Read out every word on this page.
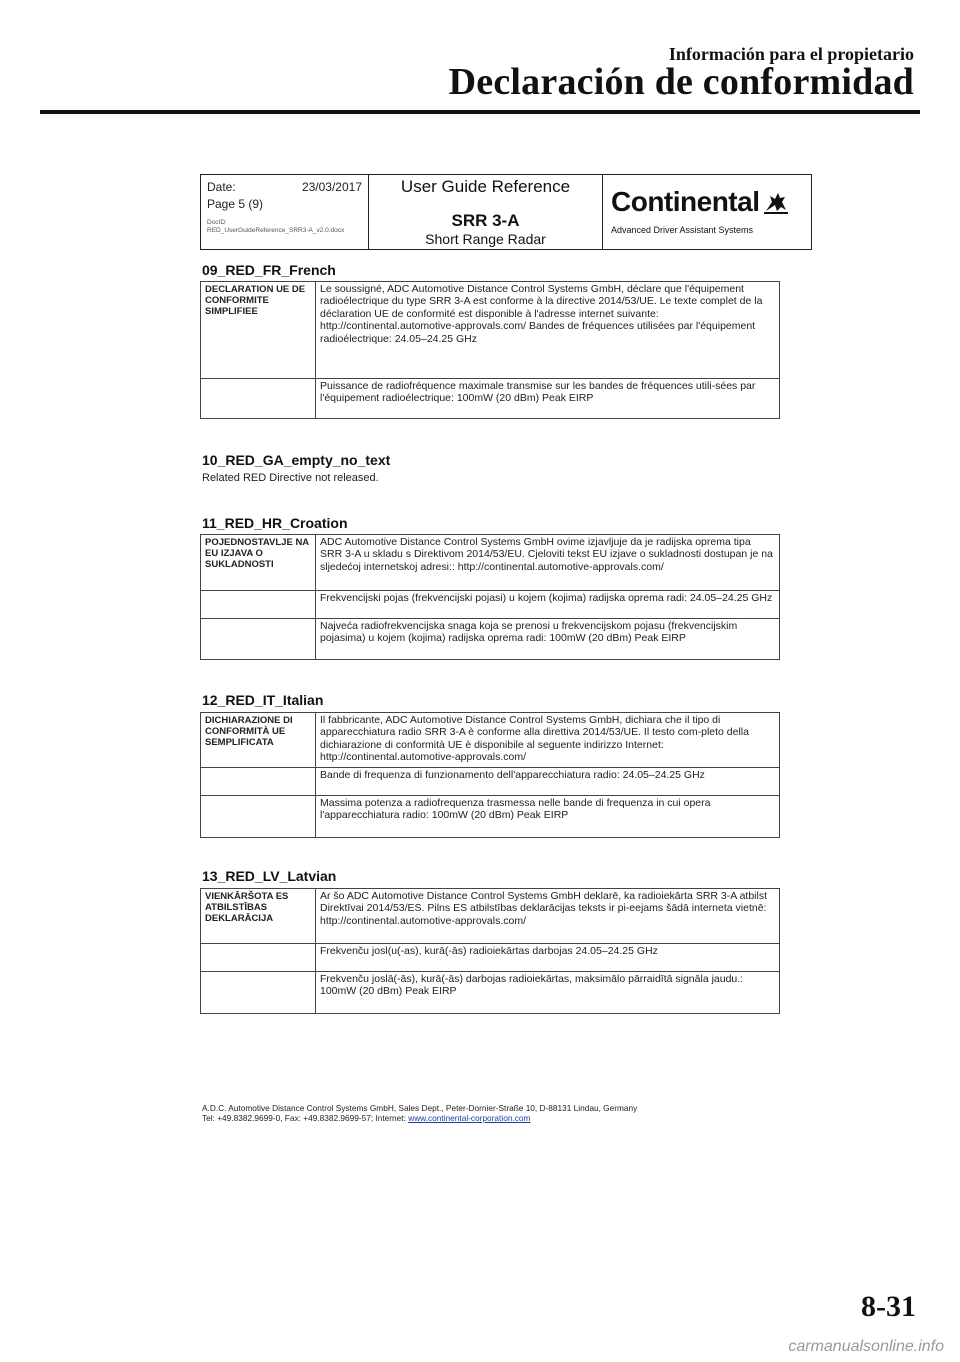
Información para el propietario
Declaración de conformidad
Date:	23/03/2017
Page 5 (9)
DocID:
RED_UserGuideReference_SRR3-A_v2.0.docx
User Guide Reference
SRR 3-A
Short Range Radar
Continental
Advanced Driver Assistant Systems
09_RED_FR_French
DECLARATION UE DE CONFORMITE SIMPLIFIEE	Le soussigné, ADC Automotive Distance Control Systems GmbH, déclare que l'équipement radioélectrique du type SRR 3-A est conforme à la directive 2014/53/UE. Le texte complet de la déclaration UE de conformité est disponible à l'adresse internet suivante: http://continental.automotive-approvals.com/ Bandes de fréquences utilisées par l'équipement radioélectrique: 24.05–24.25 GHz
	Puissance de radiofréquence maximale transmise sur les bandes de fréquences utili-sées par l'équipement radioélectrique: 100mW (20 dBm) Peak EIRP
10_RED_GA_empty_no_text
Related RED Directive not released.
11_RED_HR_Croation
POJEDNOSTAVLJE NA EU IZJAVA O SUKLADNOSTI	ADC Automotive Distance Control Systems GmbH ovime izjavljuje da je radijska oprema tipa SRR 3-A u skladu s Direktivom 2014/53/EU. Cjeloviti tekst EU izjave o sukladnosti dostupan je na sljedećoj internetskoj adresi:: http://continental.automotive-approvals.com/
	Frekvencijski pojas (frekvencijski pojasi) u kojem (kojima) radijska oprema radi: 24.05–24.25 GHz
	Najveća radiofrekvencijska snaga koja se prenosi u frekvencijskom pojasu (frekvencijskim pojasima) u kojem (kojima) radijska oprema radi: 100mW (20 dBm) Peak EIRP
12_RED_IT_Italian
DICHIARAZIONE DI CONFORMITÀ UE SEMPLIFICATA	Il fabbricante, ADC Automotive Distance Control Systems GmbH, dichiara che il tipo di apparecchiatura radio SRR 3-A è conforme alla direttiva 2014/53/UE. Il testo com-pleto della dichiarazione di conformità UE è disponibile al seguente indirizzo Internet: http://continental.automotive-approvals.com/
	Bande di frequenza di funzionamento dell'apparecchiatura radio: 24.05–24.25 GHz
	Massima potenza a radiofrequenza trasmessa nelle bande di frequenza in cui opera l'apparecchiatura radio: 100mW (20 dBm) Peak EIRP
13_RED_LV_Latvian
VIENKĀRŠOTA ES ATBILSTĪBAS DEKLARĀCIJA	Ar šo ADC Automotive Distance Control Systems GmbH deklarē, ka radioiekārta SRR 3-A atbilst Direktīvai 2014/53/ES. Pilns ES atbilstības deklarācijas teksts ir pi-eejams šādā interneta vietnē: http://continental.automotive-approvals.com/
	Frekvenču josl(u(-as), kurā(-ās) radioiekārtas darbojas 24.05–24.25 GHz
	Frekvenču joslā(-ās), kurā(-ās) darbojas radioiekārtas, maksimālo pārraidītā signāla jaudu.: 100mW (20 dBm) Peak EIRP
A.D.C. Automotive Distance Control Systems GmbH, Sales Dept., Peter-Dornier-Straße 10, D-88131 Lindau, Germany
Tel: +49.8382.9699-0, Fax: +49.8382.9699-57; Internet: www.continental-corporation.com
8-31
carmanualsonline.info
